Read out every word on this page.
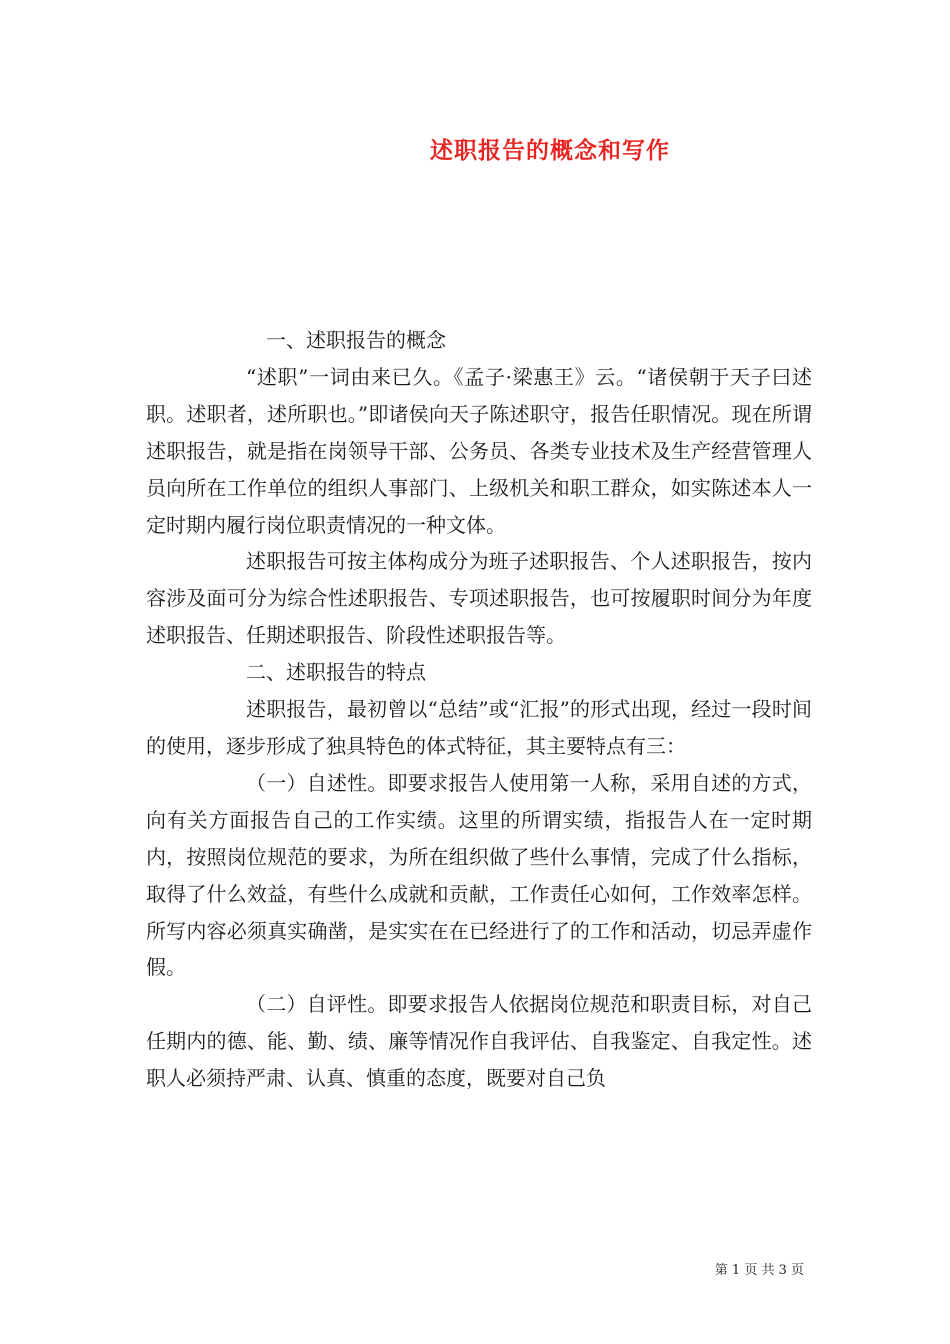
述职报告的概念和写作

一、述职报告的概念

“述职”一词由来已久。《孟子·梁惠王》云。“诸侯朝于天子曰述职。述职者，述所职也。”即诸侯向天子陈述职守，报告任职情况。现在所谓述职报告，就是指在岗领导干部、公务员、各类专业技术及生产经营管理人员向所在工作单位的组织人事部门、上级机关和职工群众，如实陈述本人一定时期内履行岗位职责情况的一种文体。

述职报告可按主体构成分为班子述职报告、个人述职报告，按内容涉及面可分为综合性述职报告、专项述职报告，也可按履职时间分为年度述职报告、任期述职报告、阶段性述职报告等。

二、述职报告的特点

述职报告，最初曾以“总结”或“汇报”的形式出现，经过一段时间的使用，逐步形成了独具特色的体式特征，其主要特点有三：

（一）自述性。即要求报告人使用第一人称，采用自述的方式，向有关方面报告自己的工作实绩。这里的所谓实绩，指报告人在一定时期内，按照岗位规范的要求，为所在组织做了些什么事情，完成了什么指标，取得了什么效益，有些什么成就和贡献，工作责任心如何，工作效率怎样。所写内容必须真实确凿，是实实在在已经进行了的工作和活动，切忌弄虚作假。

（二）自评性。即要求报告人依据岗位规范和职责目标，对自己任期内的德、能、勤、绩、廉等情况作自我评估、自我鉴定、自我定性。述职人必须持严肃、认真、慎重的态度，既要对自己负

第 1 页 共 3 页
